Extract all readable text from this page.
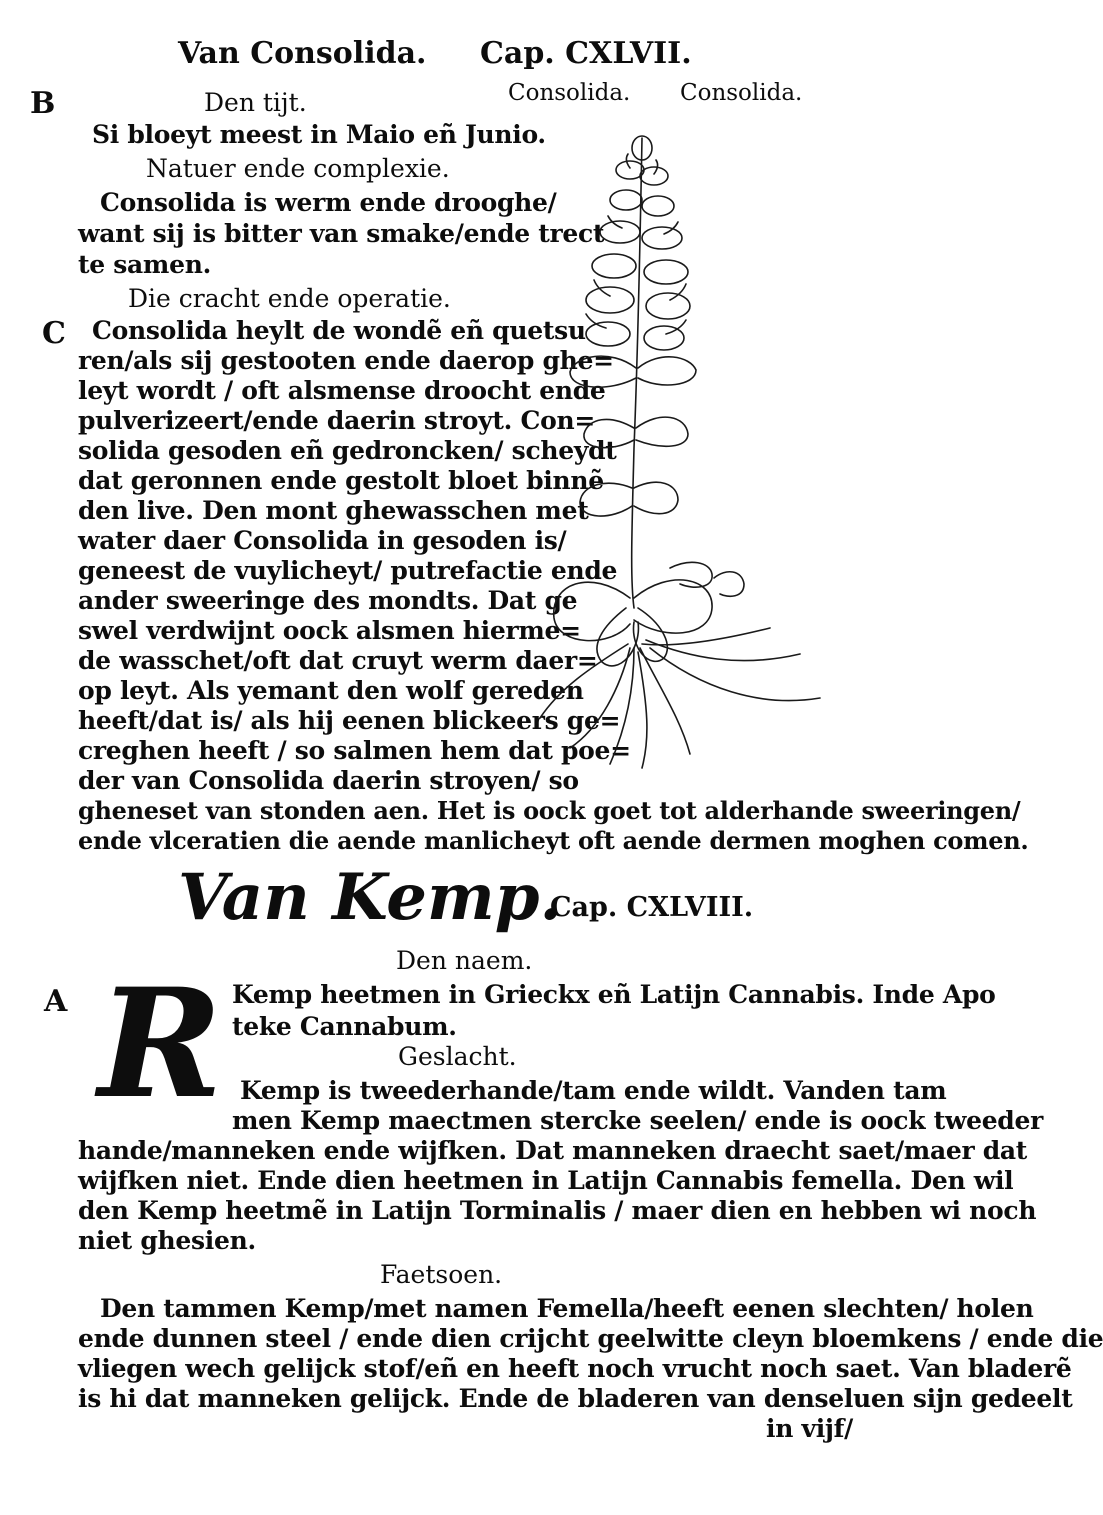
Van Consolida. Cap. CXLVII.
Consolida. Consolida.
B	Den tijt.
Si bloeyt meest in Maio eñ Junio.
Natuer ende complexie.
Consolida is werm ende drooghe/
want sij is bitter van smake/ende trect
te samen.
Die cracht ende operatie.
C Consolida heylt de wondẽ eñ quetsu
ren/als sij gestooten ende daerop ghe=
leyt wordt / oft alsmense droocht ende
pulverizeert/ende daerin stroyt. Con=
solida gesoden eñ gedroncken/ scheydt
dat geronnen ende gestolt bloet binnẽ
den live. Den mont ghewasschen met
water daer Consolida in gesoden is/
geneest de vuylicheyt/ putrefactie ende
ander sweeringe des mondts. Dat ge
swel verdwijnt oock alsmen hierme=
de wasschet/oft dat cruyt werm daer=
op leyt. Als yemant den wolf gereden
heeft/dat is/ als hij eenen blickeers ge=
creghen heeft / so salmen hem dat poe=
der van Consolida daerin stroyen/ so
gheneset van stonden aen. Het is oock goet tot alderhande sweeringen/
ende vlceratien die aende manlicheyt oft aende dermen moghen comen.
Van Kemp.
Cap. CXLVIII.
Den naem.
A R Kemp heetmen in Grieckx eñ Latijn Cannabis. Inde Apo
teke Cannabum.
Geslacht.
Kemp is tweederhande/tam ende wildt. Vanden tam
men Kemp maectmen stercke seelen/ ende is oock tweeder
hande/manneken ende wijfken. Dat manneken draecht saet/maer dat
wijfken niet. Ende dien heetmen in Latijn Cannabis femella. Den wil
den Kemp heetmẽ in Latijn Torminalis / maer dien en hebben wi noch
niet ghesien.
Faetsoen.
Den tammen Kemp/met namen Femella/heeft eenen slechten/ holen
ende dunnen steel / ende dien crijcht geelwitte cleyn bloemkens / ende die
vliegen wech gelijck stof/eñ en heeft noch vrucht noch saet. Van bladerẽ
is hi dat manneken gelijck. Ende de bladeren van denseluen sijn gedeelt
in vijf/
